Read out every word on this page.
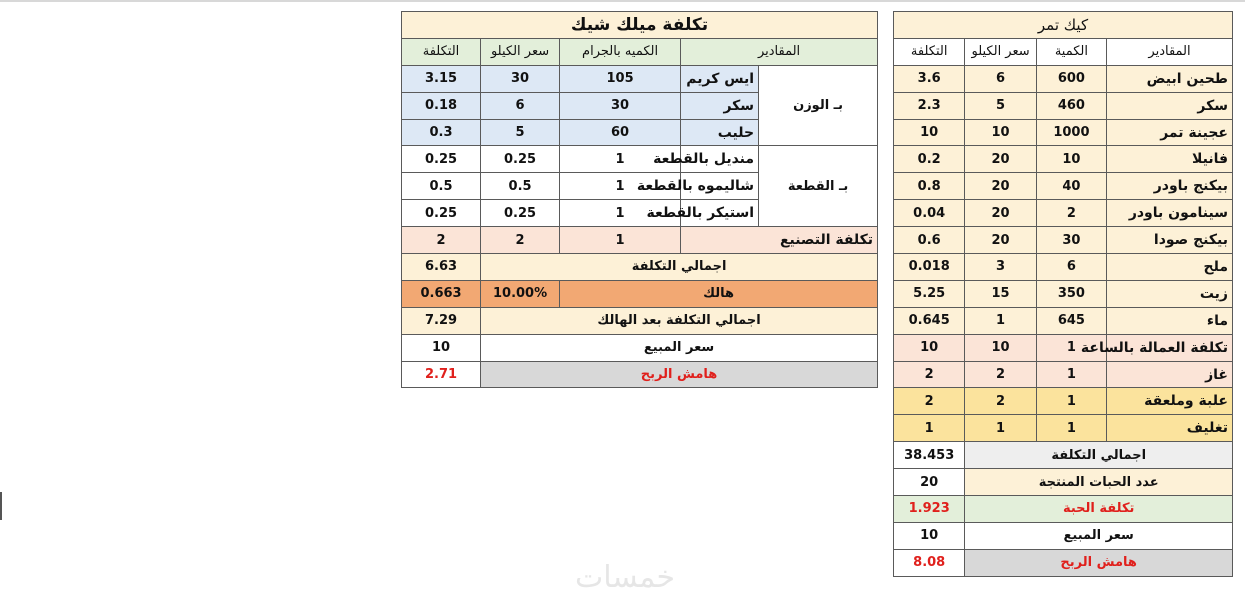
تكلفة ميلك شيك				
المقادير		الكميه بالجرام	سعر الكيلو	التكلفة
بـ الوزن	ايس كريم	105	30	3.15
	سكر	30	6	0.18
	حليب	60	5	0.3
بـ القطعة	منديل بالقطعة	1	0.25	0.25
	شاليموه بالقطعة	1	0.5	0.5
	استيكر بالقطعة	1	0.25	0.25
تكلفة التصنيع		1	2	2
اجمالي التكلفة				6.63
هالك			10.00%	0.663
اجمالي التكلفة بعد الهالك				7.29
سعر المبيع				10
هامش الربح				2.71
كيك تمر			
المقادير	الكمية	سعر الكيلو	التكلفة
طحين ابيض	600	6	3.6
سكر	460	5	2.3
عجينة تمر	1000	10	10
فانيلا	10	20	0.2
بيكنج باودر	40	20	0.8
سينامون باودر	2	20	0.04
بيكنج صودا	30	20	0.6
ملح	6	3	0.018
زيت	350	15	5.25
ماء	645	1	0.645
تكلفة العمالة بالساعة	1	10	10
غاز	1	2	2
علبة وملعقة	1	2	2
تغليف	1	1	1
اجمالي التكلفة			38.453
عدد الحبات المنتجة			20
تكلفة الحبة			1.923
سعر المبيع			10
هامش الربح			8.08
خمسات
